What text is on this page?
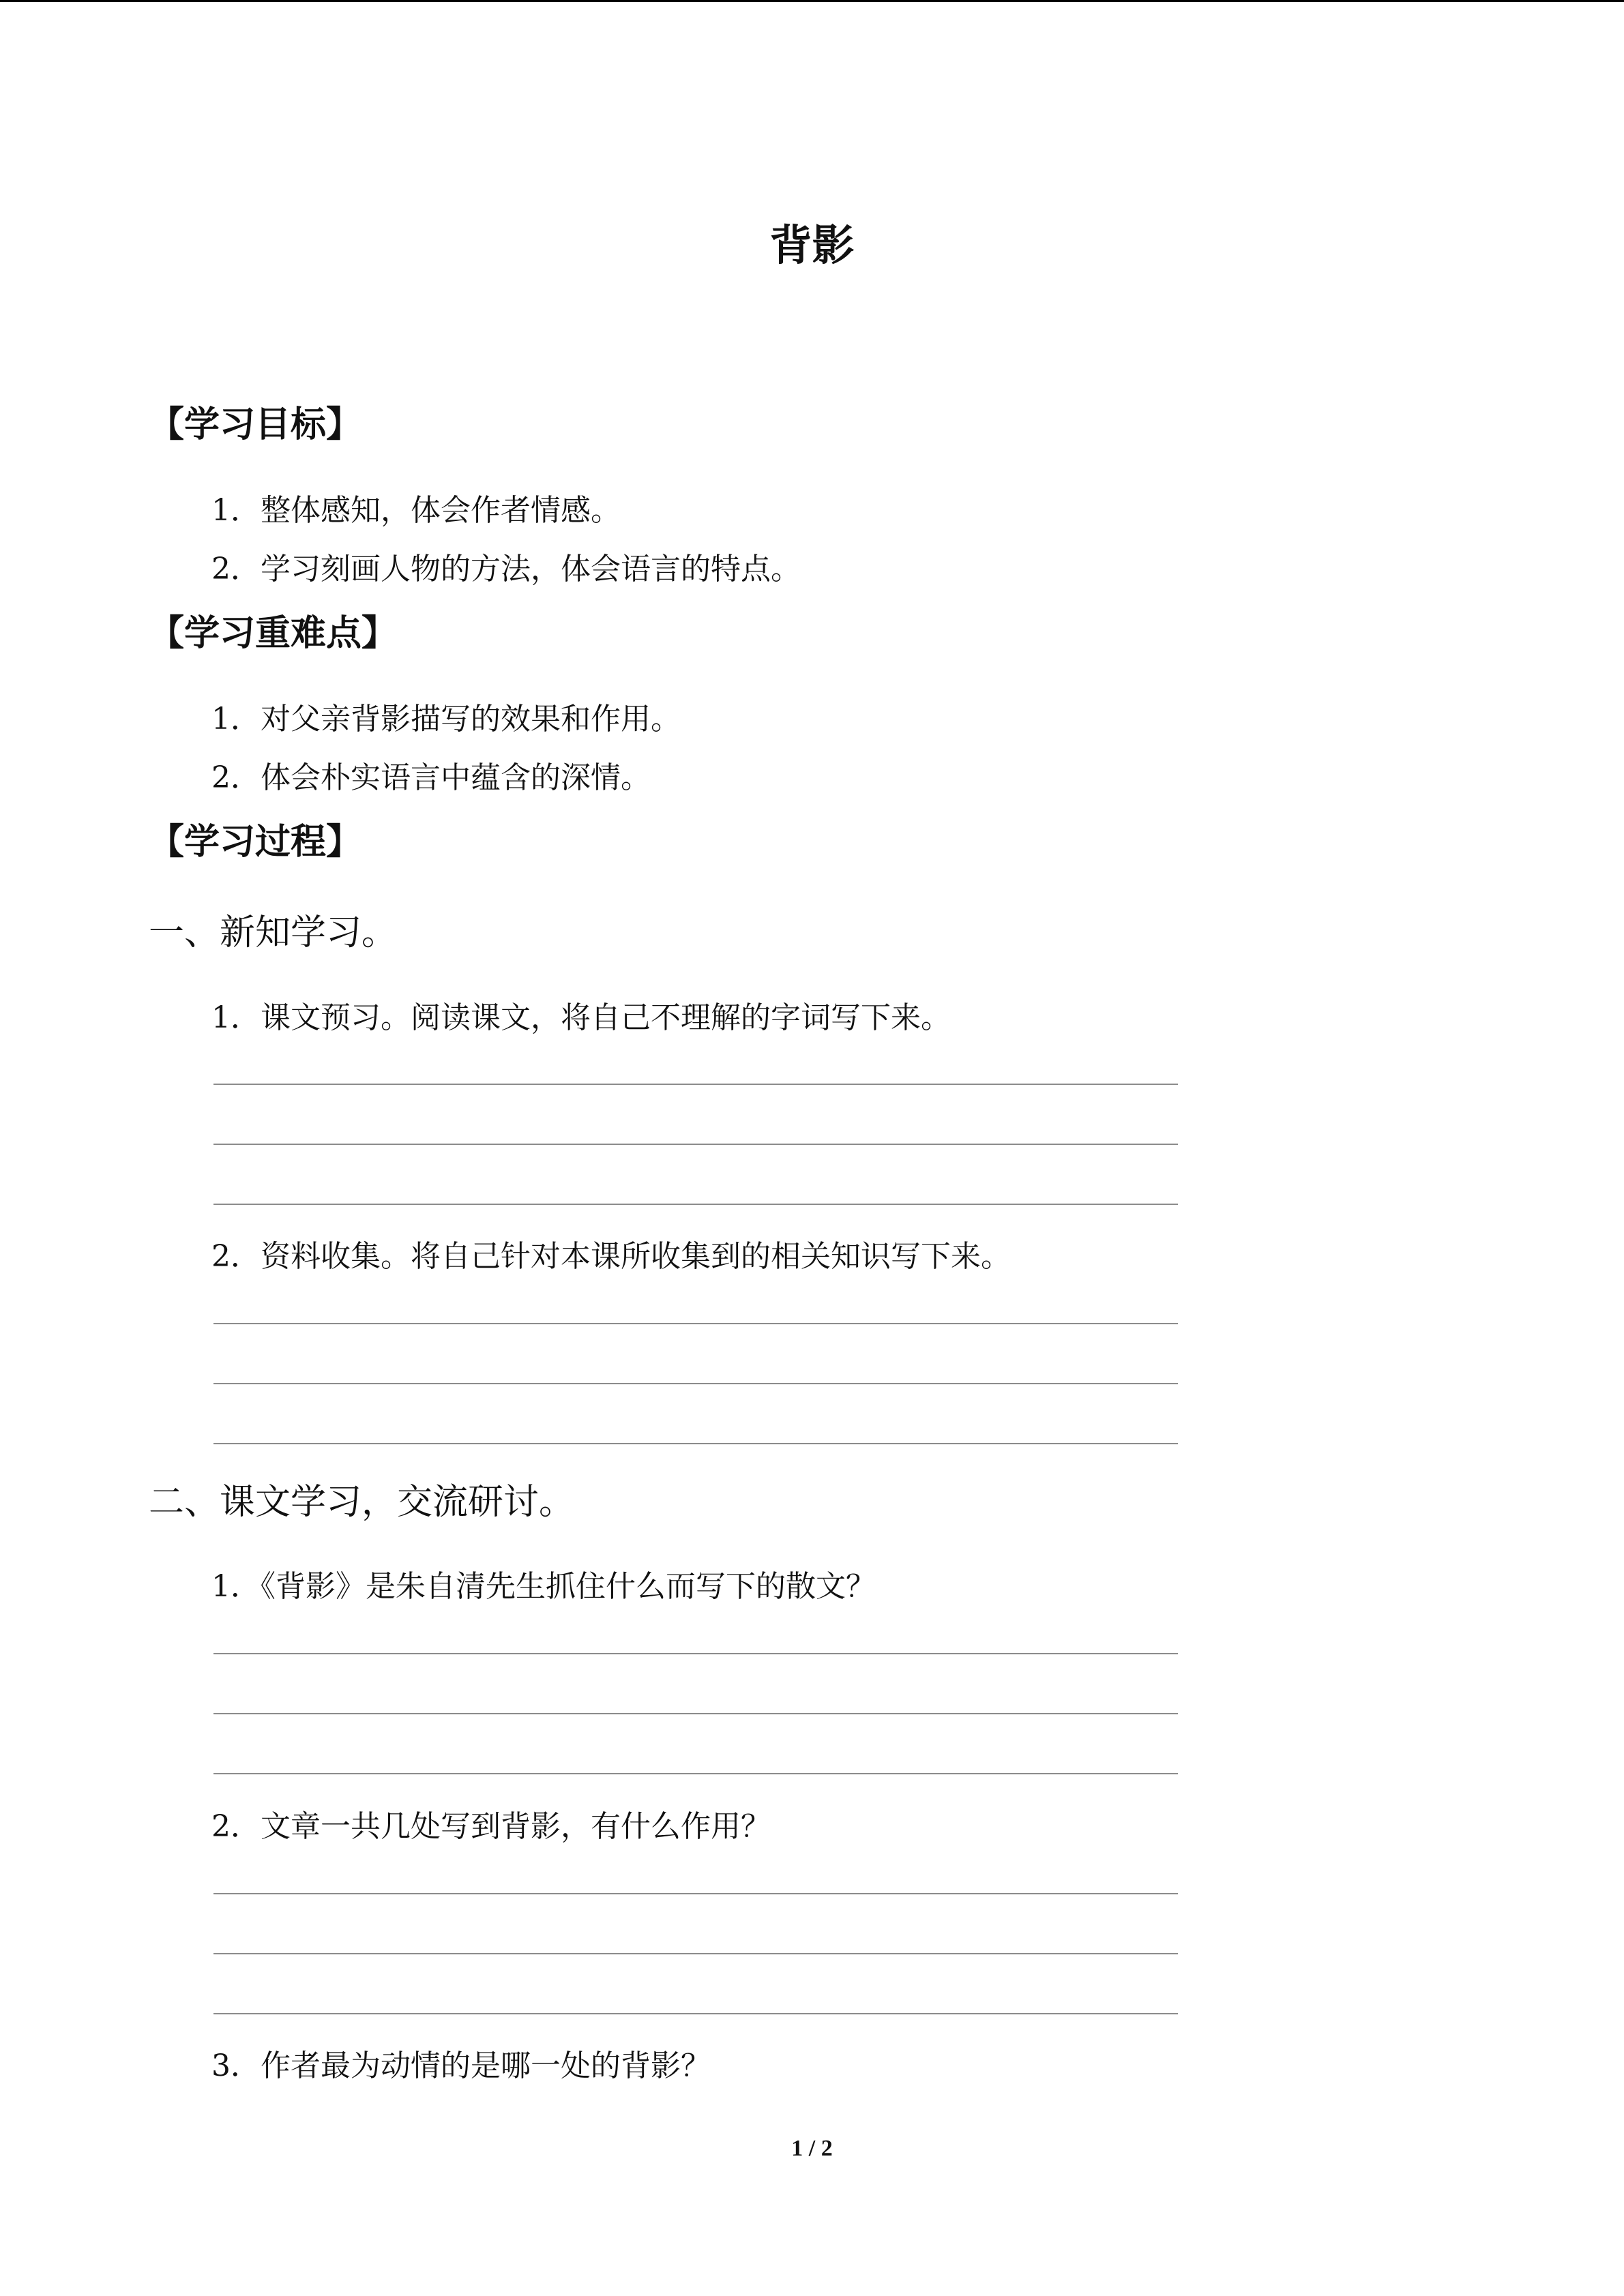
背影
【学习目标】
1．整体感知，体会作者情感。
2．学习刻画人物的方法，体会语言的特点。
【学习重难点】
1．对父亲背影描写的效果和作用。
2．体会朴实语言中蕴含的深情。
【学习过程】
一、新知学习。
1．课文预习。阅读课文，将自己不理解的字词写下来。
2．资料收集。将自己针对本课所收集到的相关知识写下来。
二、课文学习，交流研讨。
1．《背影》是朱自清先生抓住什么而写下的散文？
2．文章一共几处写到背影，有什么作用？
3．作者最为动情的是哪一处的背影？
1 / 2
